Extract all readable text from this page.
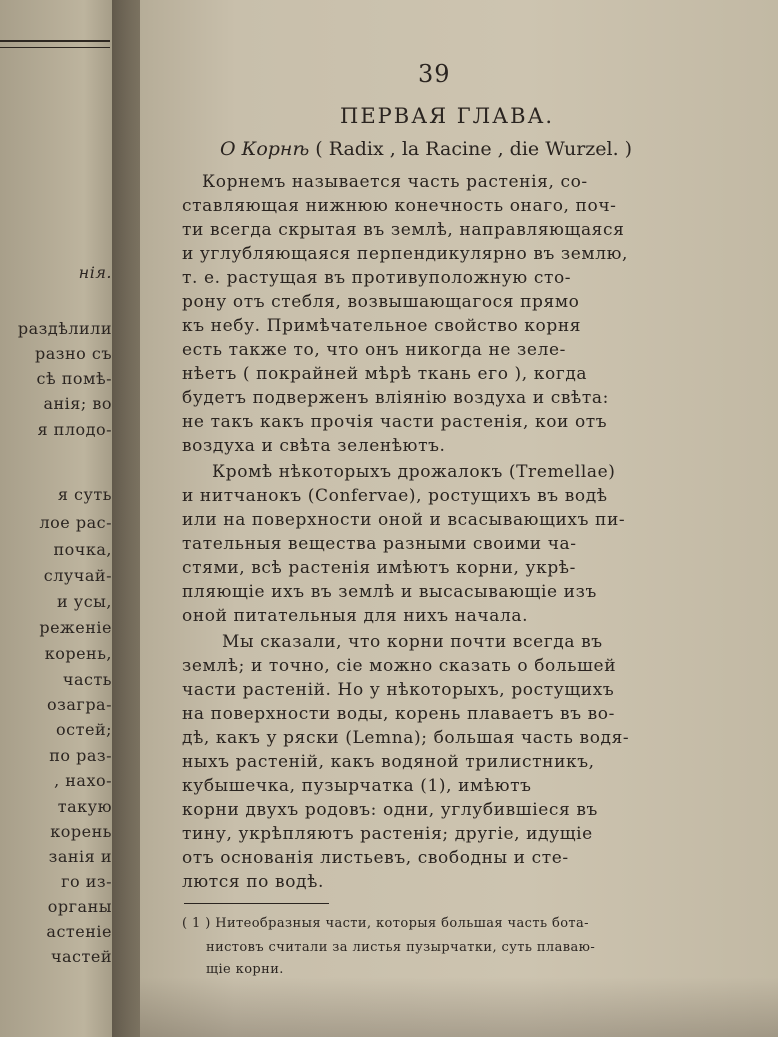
нія.
раздѣлили
разно съ
сѣ помѣ-
анія; во
я плодо-
я суть
лое рас-
почка,
случай-
и усы,
реженіе
корень,
часть
озагра-
остей;
по раз-
, нахо-
такую
корень
занія и
го из-
органы
астеніе
частей
39
ПЕРВАЯ ГЛАВА.
О Корнѣ ( Radix , la Racine , die Wurzel. )
Корнемъ называется часть растенія, со-
ставляющая нижнюю конечность онаго, поч-
ти всегда скрытая въ землѣ, направляющаяся
и углубляющаяся перпендикулярно въ землю,
т. е. растущая въ противуположную сто-
рону отъ стебля, возвышающагося прямо
къ небу. Примѣчательное свойство корня
есть также то, что онъ никогда не зеле-
нѣетъ ( покрайней мѣрѣ ткань его ), когда
будетъ подверженъ вліянію воздуха и свѣта:
не такъ какъ прочія части растенія, кои отъ
воздуха и свѣта зеленѣютъ.
Кромѣ нѣкоторыхъ дрожалокъ (Tremellae)
и нитчанокъ (Confervae), ростущихъ въ водѣ
или на поверхности оной и всасывающихъ пи-
тательныя вещества разными своими ча-
стями, всѣ растенія имѣютъ корни, укрѣ-
пляющіе ихъ въ землѣ и высасывающіе изъ
оной питательныя для нихъ начала.
Мы сказали, что корни почти всегда въ
землѣ; и точно, сіе можно сказать о большей
части растеній. Но у нѣкоторыхъ, ростущихъ
на поверхности воды, корень плаваетъ въ во-
дѣ, какъ у ряски (Lemna); большая часть водя-
ныхъ растеній, какъ водяной трилистникъ,
кубышечка, пузырчатка (1), имѣютъ
корни двухъ родовъ: одни, углубившіеся въ
тину, укрѣпляютъ растенія; другіе, идущіе
отъ основанія листьевъ, свободны и сте-
лются по водѣ.
( 1 ) Нитеобразныя части, которыя большая часть бота-
нистовъ считали за листья пузырчатки, суть плаваю-
щіе корни.
